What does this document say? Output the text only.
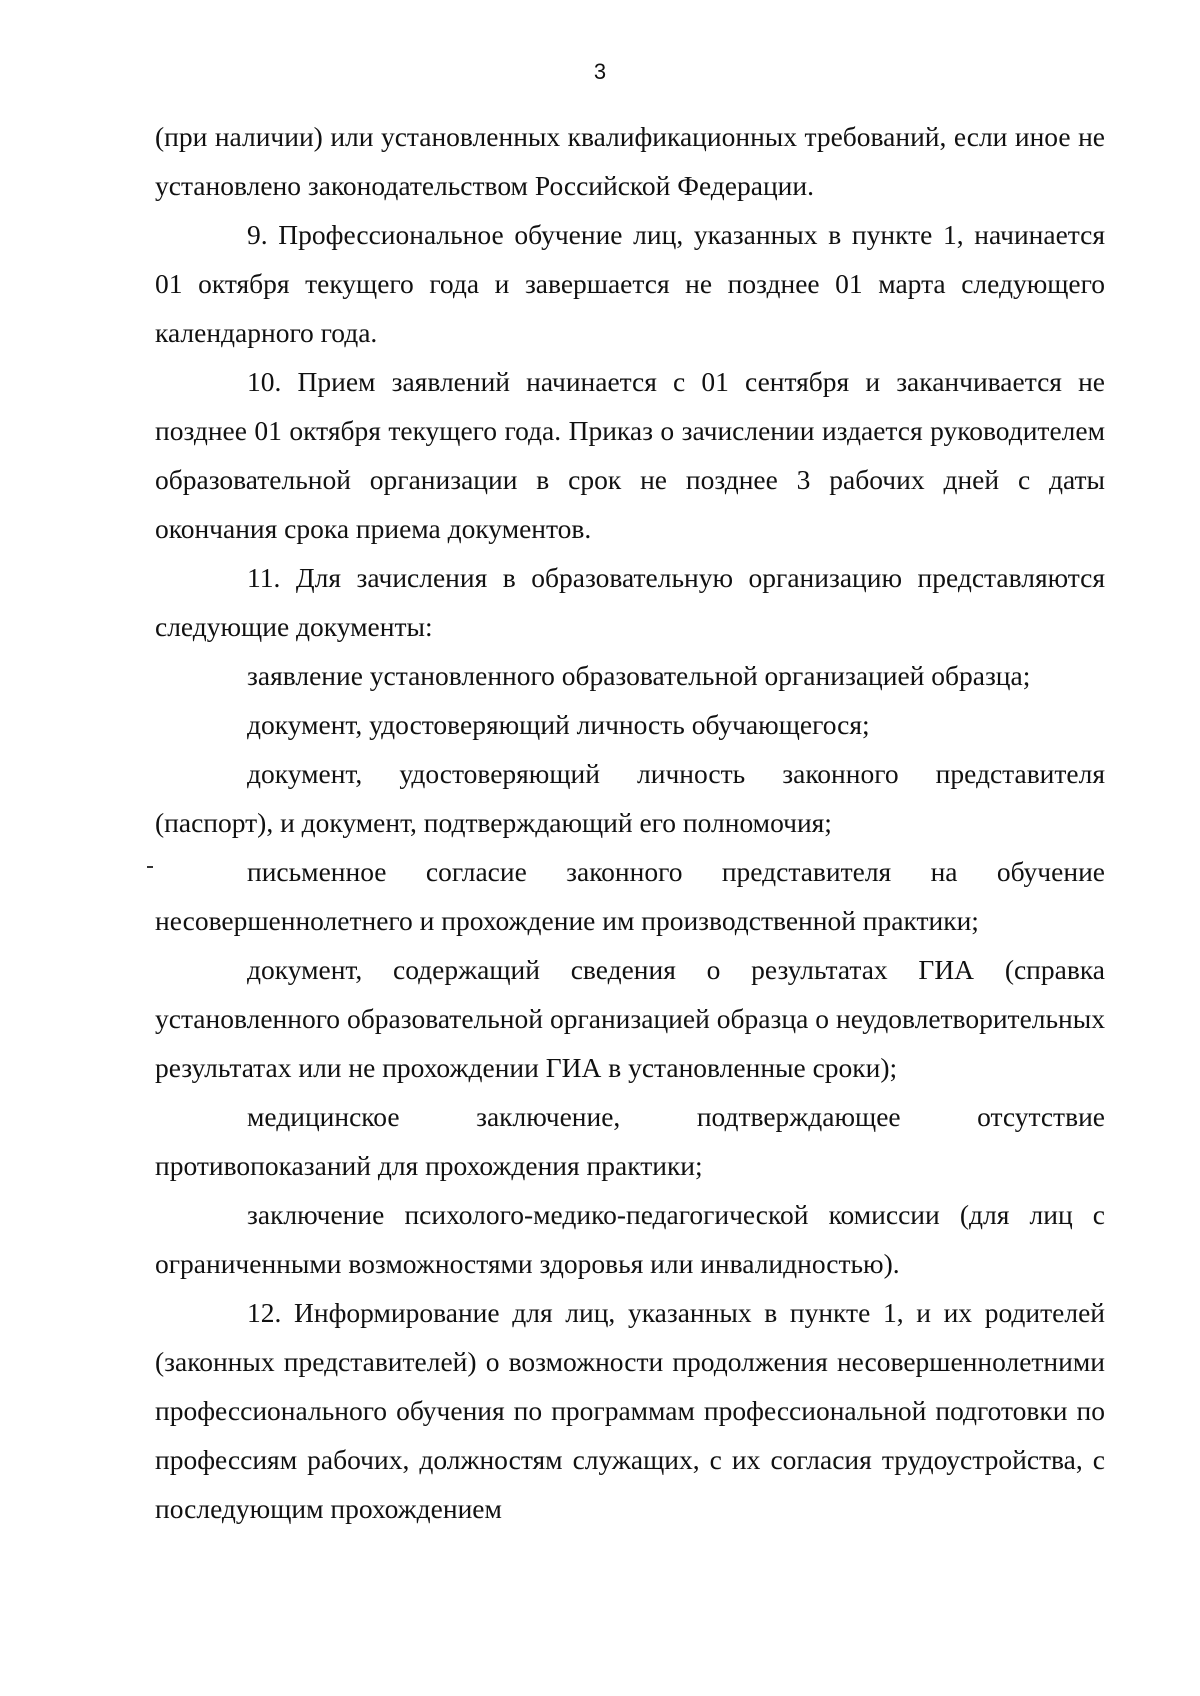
3

(при наличии) или установленных квалификационных требований, если иное не установлено законодательством Российской Федерации.

9. Профессиональное обучение лиц, указанных в пункте 1, начинается 01 октября текущего года и завершается не позднее 01 марта следующего календарного года.

10. Прием заявлений начинается с 01 сентября и заканчивается не позднее 01 октября текущего года. Приказ о зачислении издается руководителем образовательной организации в срок не позднее 3 рабочих дней с даты окончания срока приема документов.

11. Для зачисления в образовательную организацию представляются следующие документы:

заявление установленного образовательной организацией образца;

документ, удостоверяющий личность обучающегося;

документ, удостоверяющий личность законного представителя (паспорт), и документ, подтверждающий его полномочия;

письменное согласие законного представителя на обучение несовершеннолетнего и прохождение им производственной практики;

документ, содержащий сведения о результатах ГИА (справка установленного образовательной организацией образца о неудовлетворительных результатах или не прохождении ГИА в установленные сроки);

медицинское заключение, подтверждающее отсутствие противопоказаний для прохождения практики;

заключение психолого-медико-педагогической комиссии (для лиц с ограниченными возможностями здоровья или инвалидностью).

12. Информирование для лиц, указанных в пункте 1, и их родителей (законных представителей) о возможности продолжения несовершеннолетними профессионального обучения по программам профессиональной подготовки по профессиям рабочих, должностям служащих, с их согласия трудоустройства, с последующим прохождением
